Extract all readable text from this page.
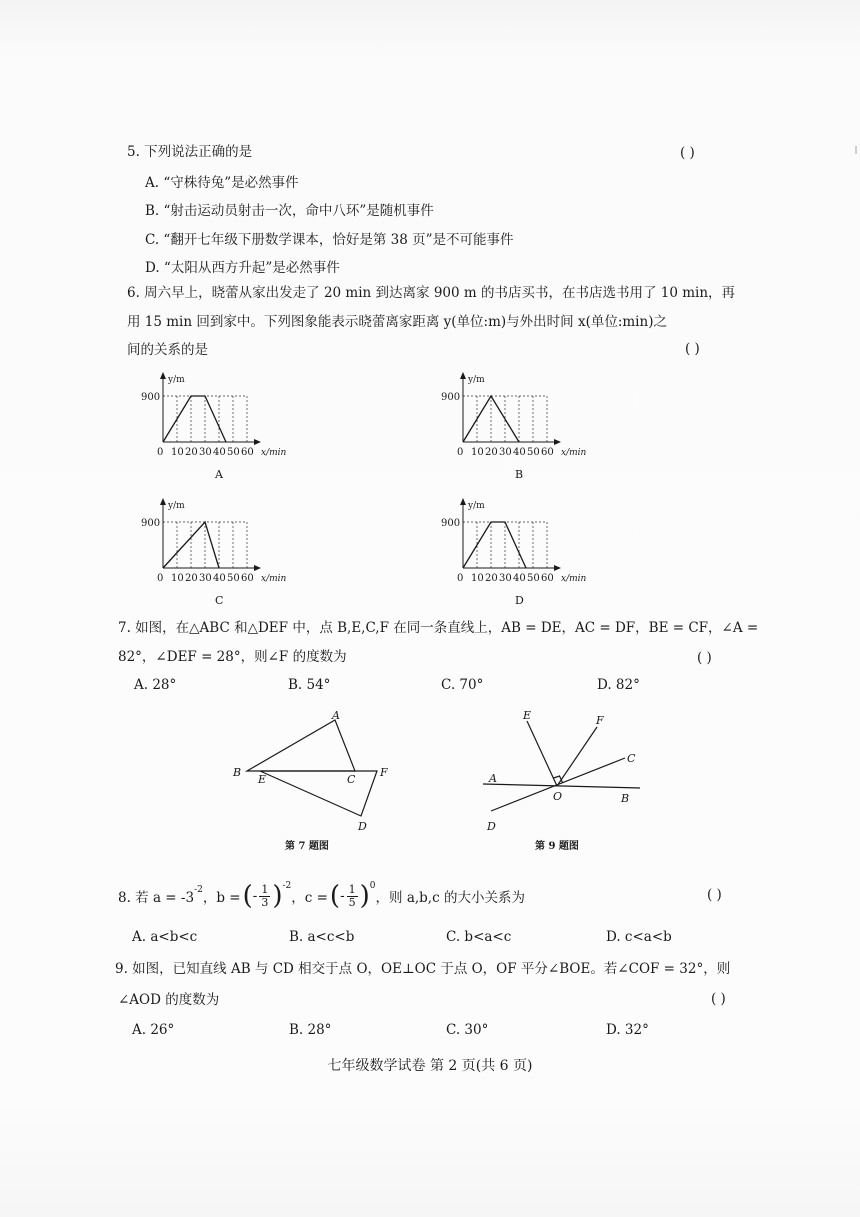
5. 下列说法正确的是	( )
A. “守株待兔”是必然事件
B. “射击运动员射击一次，命中八环”是随机事件
C. “翻开七年级下册数学课本，恰好是第 38 页”是不可能事件
D. “太阳从西方升起”是必然事件
6. 周六早上，晓蕾从家出发走了 20 min 到达离家 900 m 的书店买书，在书店选书用了 10 min，再
用 15 min 回到家中。下列图象能表示晓蕾离家距离 y(单位:m)与外出时间 x(单位:min)之
间的关系的是	( )
y/m
900
0 10 20 30 40 50 60 x/min
A
y/m
900
0 10 20 30 40 50 60 x/min
B
y/m
900
0 10 20 30 40 50 60 x/min
C
y/m
900
0 10 20 30 40 50 60 x/min
D
7. 如图，在△ABC 和△DEF 中，点 B,E,C,F 在同一条直线上，AB = DE，AC = DF，BE = CF，∠A =
82°，∠DEF = 28°，则∠F 的度数为	( )
A. 28°	B. 54°	C. 70°	D. 82°
A
B
E	C
F
D
第 7 题图
E	F
C
A
O	B
D
第 9 题图
8. 若 $a = -3^{-2}$ ，b = ( - $\frac{1}{3} )^{-2}$
，c = ( - $\frac{1}{5} )^0$
，则 a,b,c 的大小关系为	( )
A. a<b<c	B. a<c<b	C. b<a<c	D. c<a<b
9. 如图，已知直线 AB 与 CD 相交于点 O，OE⊥OC 于点 O，OF 平分∠BOE。若∠COF = 32°，则
∠AOD 的度数为	( )
A. 26°	B. 28°	C. 30°	D. 32°
七年级数学试卷 第 2 页(共 6 页)
